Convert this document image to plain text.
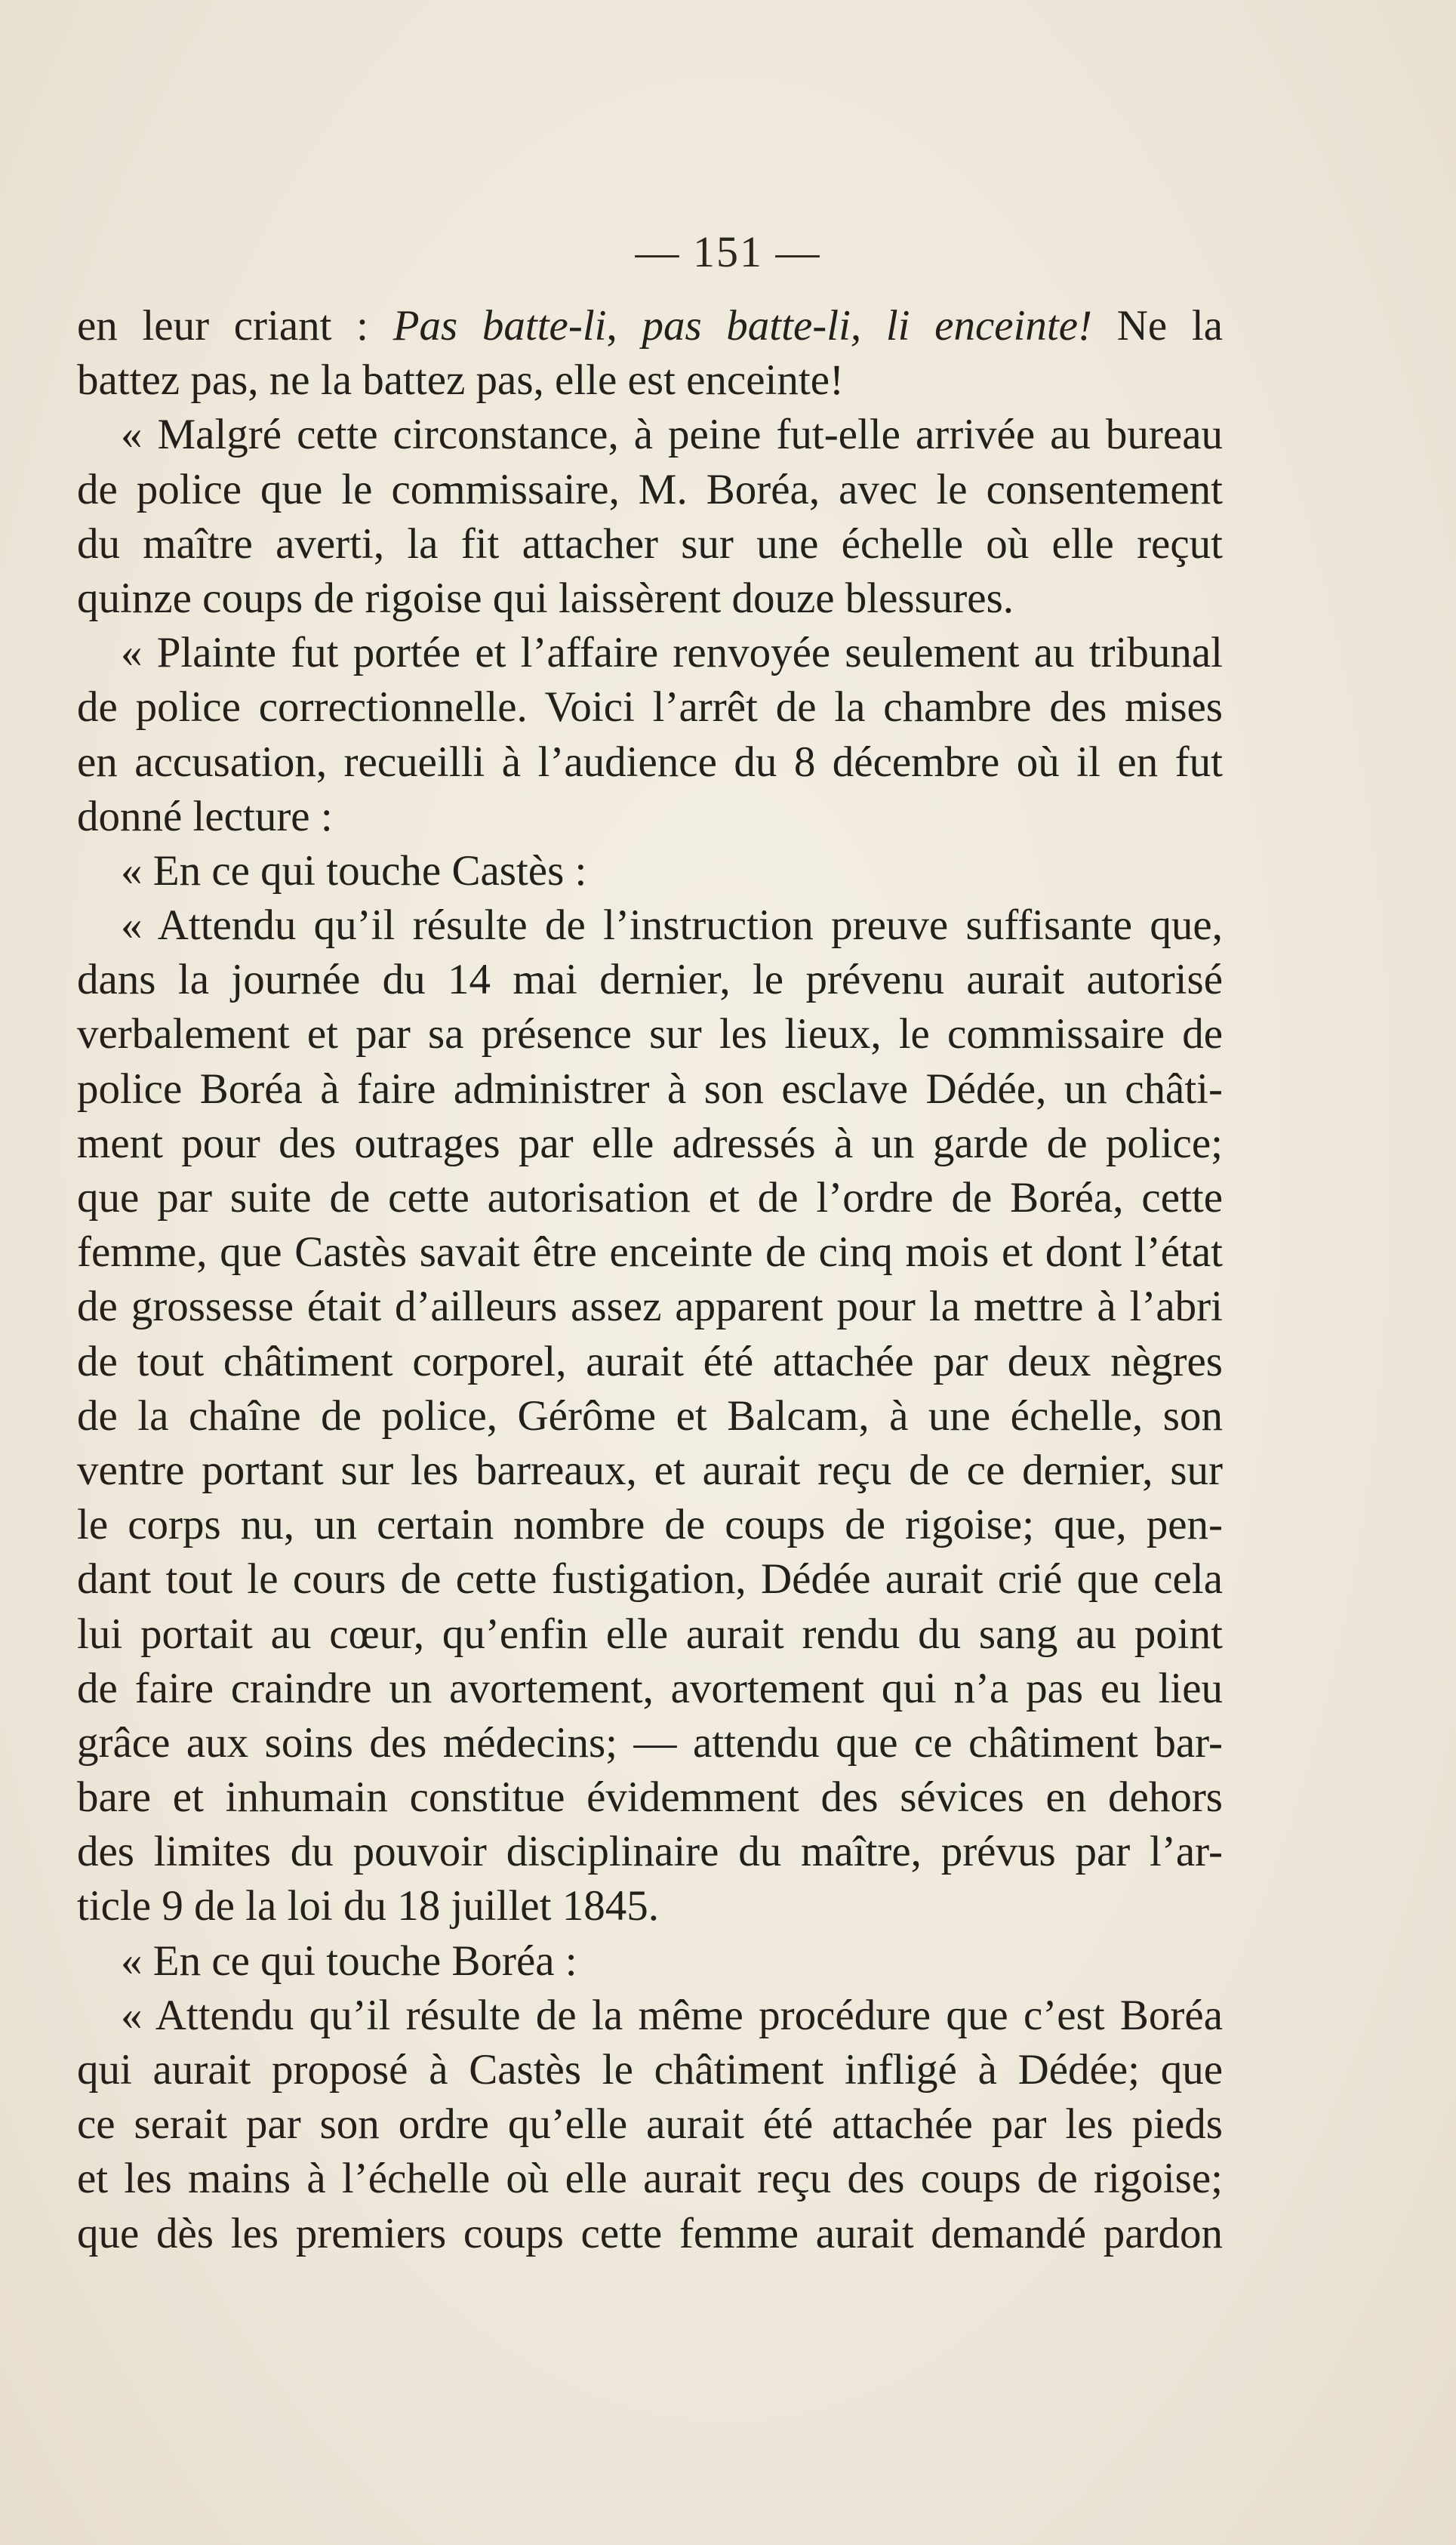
— 151 —
en leur criant : Pas batte-li, pas batte-li, li enceinte! Ne la
battez pas, ne la battez pas, elle est enceinte!
« Malgré cette circonstance, à peine fut-elle arrivée au bureau
de police que le commissaire, M. Boréa, avec le consentement
du maître averti, la fit attacher sur une échelle où elle reçut
quinze coups de rigoise qui laissèrent douze blessures.
« Plainte fut portée et l’affaire renvoyée seulement au tribunal
de police correctionnelle. Voici l’arrêt de la chambre des mises
en accusation, recueilli à l’audience du 8 décembre où il en fut
donné lecture :
« En ce qui touche Castès :
« Attendu qu’il résulte de l’instruction preuve suffisante que,
dans la journée du 14 mai dernier, le prévenu aurait autorisé
verbalement et par sa présence sur les lieux, le commissaire de
police Boréa à faire administrer à son esclave Dédée, un châti-
ment pour des outrages par elle adressés à un garde de police;
que par suite de cette autorisation et de l’ordre de Boréa, cette
femme, que Castès savait être enceinte de cinq mois et dont l’état
de grossesse était d’ailleurs assez apparent pour la mettre à l’abri
de tout châtiment corporel, aurait été attachée par deux nègres
de la chaîne de police, Gérôme et Balcam, à une échelle, son
ventre portant sur les barreaux, et aurait reçu de ce dernier, sur
le corps nu, un certain nombre de coups de rigoise; que, pen-
dant tout le cours de cette fustigation, Dédée aurait crié que cela
lui portait au cœur, qu’enfin elle aurait rendu du sang au point
de faire craindre un avortement, avortement qui n’a pas eu lieu
grâce aux soins des médecins; — attendu que ce châtiment bar-
bare et inhumain constitue évidemment des sévices en dehors
des limites du pouvoir disciplinaire du maître, prévus par l’ar-
ticle 9 de la loi du 18 juillet 1845.
« En ce qui touche Boréa :
« Attendu qu’il résulte de la même procédure que c’est Boréa
qui aurait proposé à Castès le châtiment infligé à Dédée; que
ce serait par son ordre qu’elle aurait été attachée par les pieds
et les mains à l’échelle où elle aurait reçu des coups de rigoise;
que dès les premiers coups cette femme aurait demandé pardon
